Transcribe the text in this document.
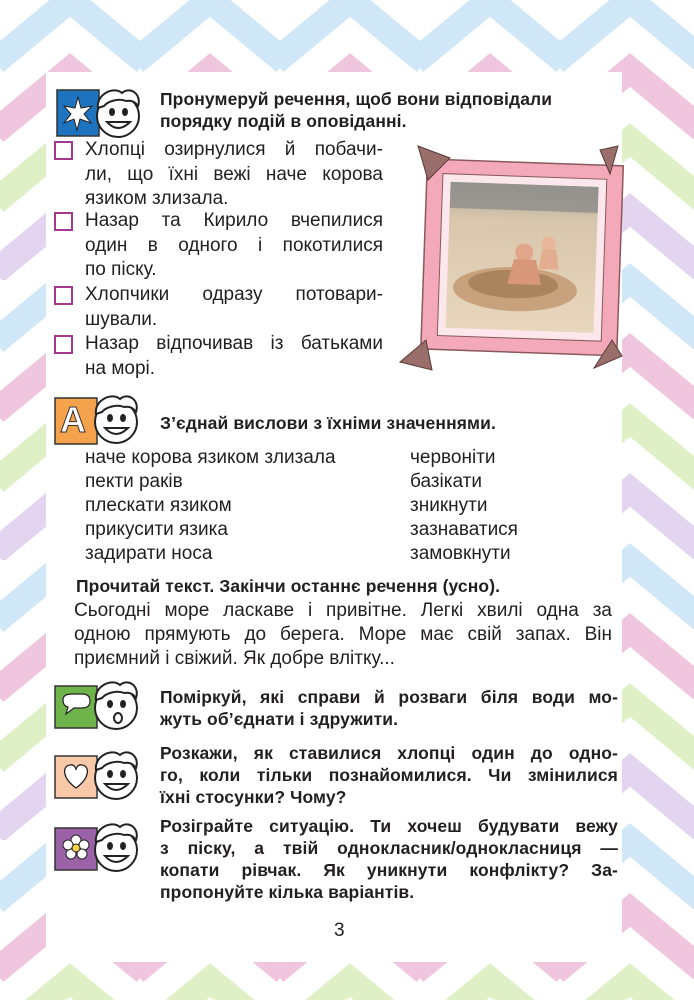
Пронумеруй речення, щоб вони відповідали
порядку подій в оповіданні.
Хлопці озирнулися й побачи-
ли, що їхні вежі наче корова
язиком злизала.
Назар та Кирило вчепилися
один в одного і покотилися
по піску.
Хлопчики одразу потовари-
шували.
Назар відпочивав із батьками
на морі.
А	З’єднай вислови з їхніми значеннями.
наче корова язиком злизала
пекти раків
плескати язиком
прикусити язика
задирати носа
червоніти
базікати
зникнути
зазнаватися
замовкнути
Прочитай текст. Закінчи останнє речення (усно).
Сьогодні море ласкаве і привітне. Легкі хвилі одна за
одною прямують до берега. Море має свій запах. Він
приємний і свіжий. Як добре влітку...
Поміркуй, які справи й розваги біля води мо-
жуть об’єднати і здружити.
Розкажи, як ставилися хлопці один до одно-
го, коли тільки познайомилися. Чи змінилися
їхні стосунки? Чому?
Розіграйте ситуацію. Ти хочеш будувати вежу
з піску, а твій однокласник/однокласниця —
копати рівчак. Як уникнути конфлікту? За-
пропонуйте кілька варіантів.
3
